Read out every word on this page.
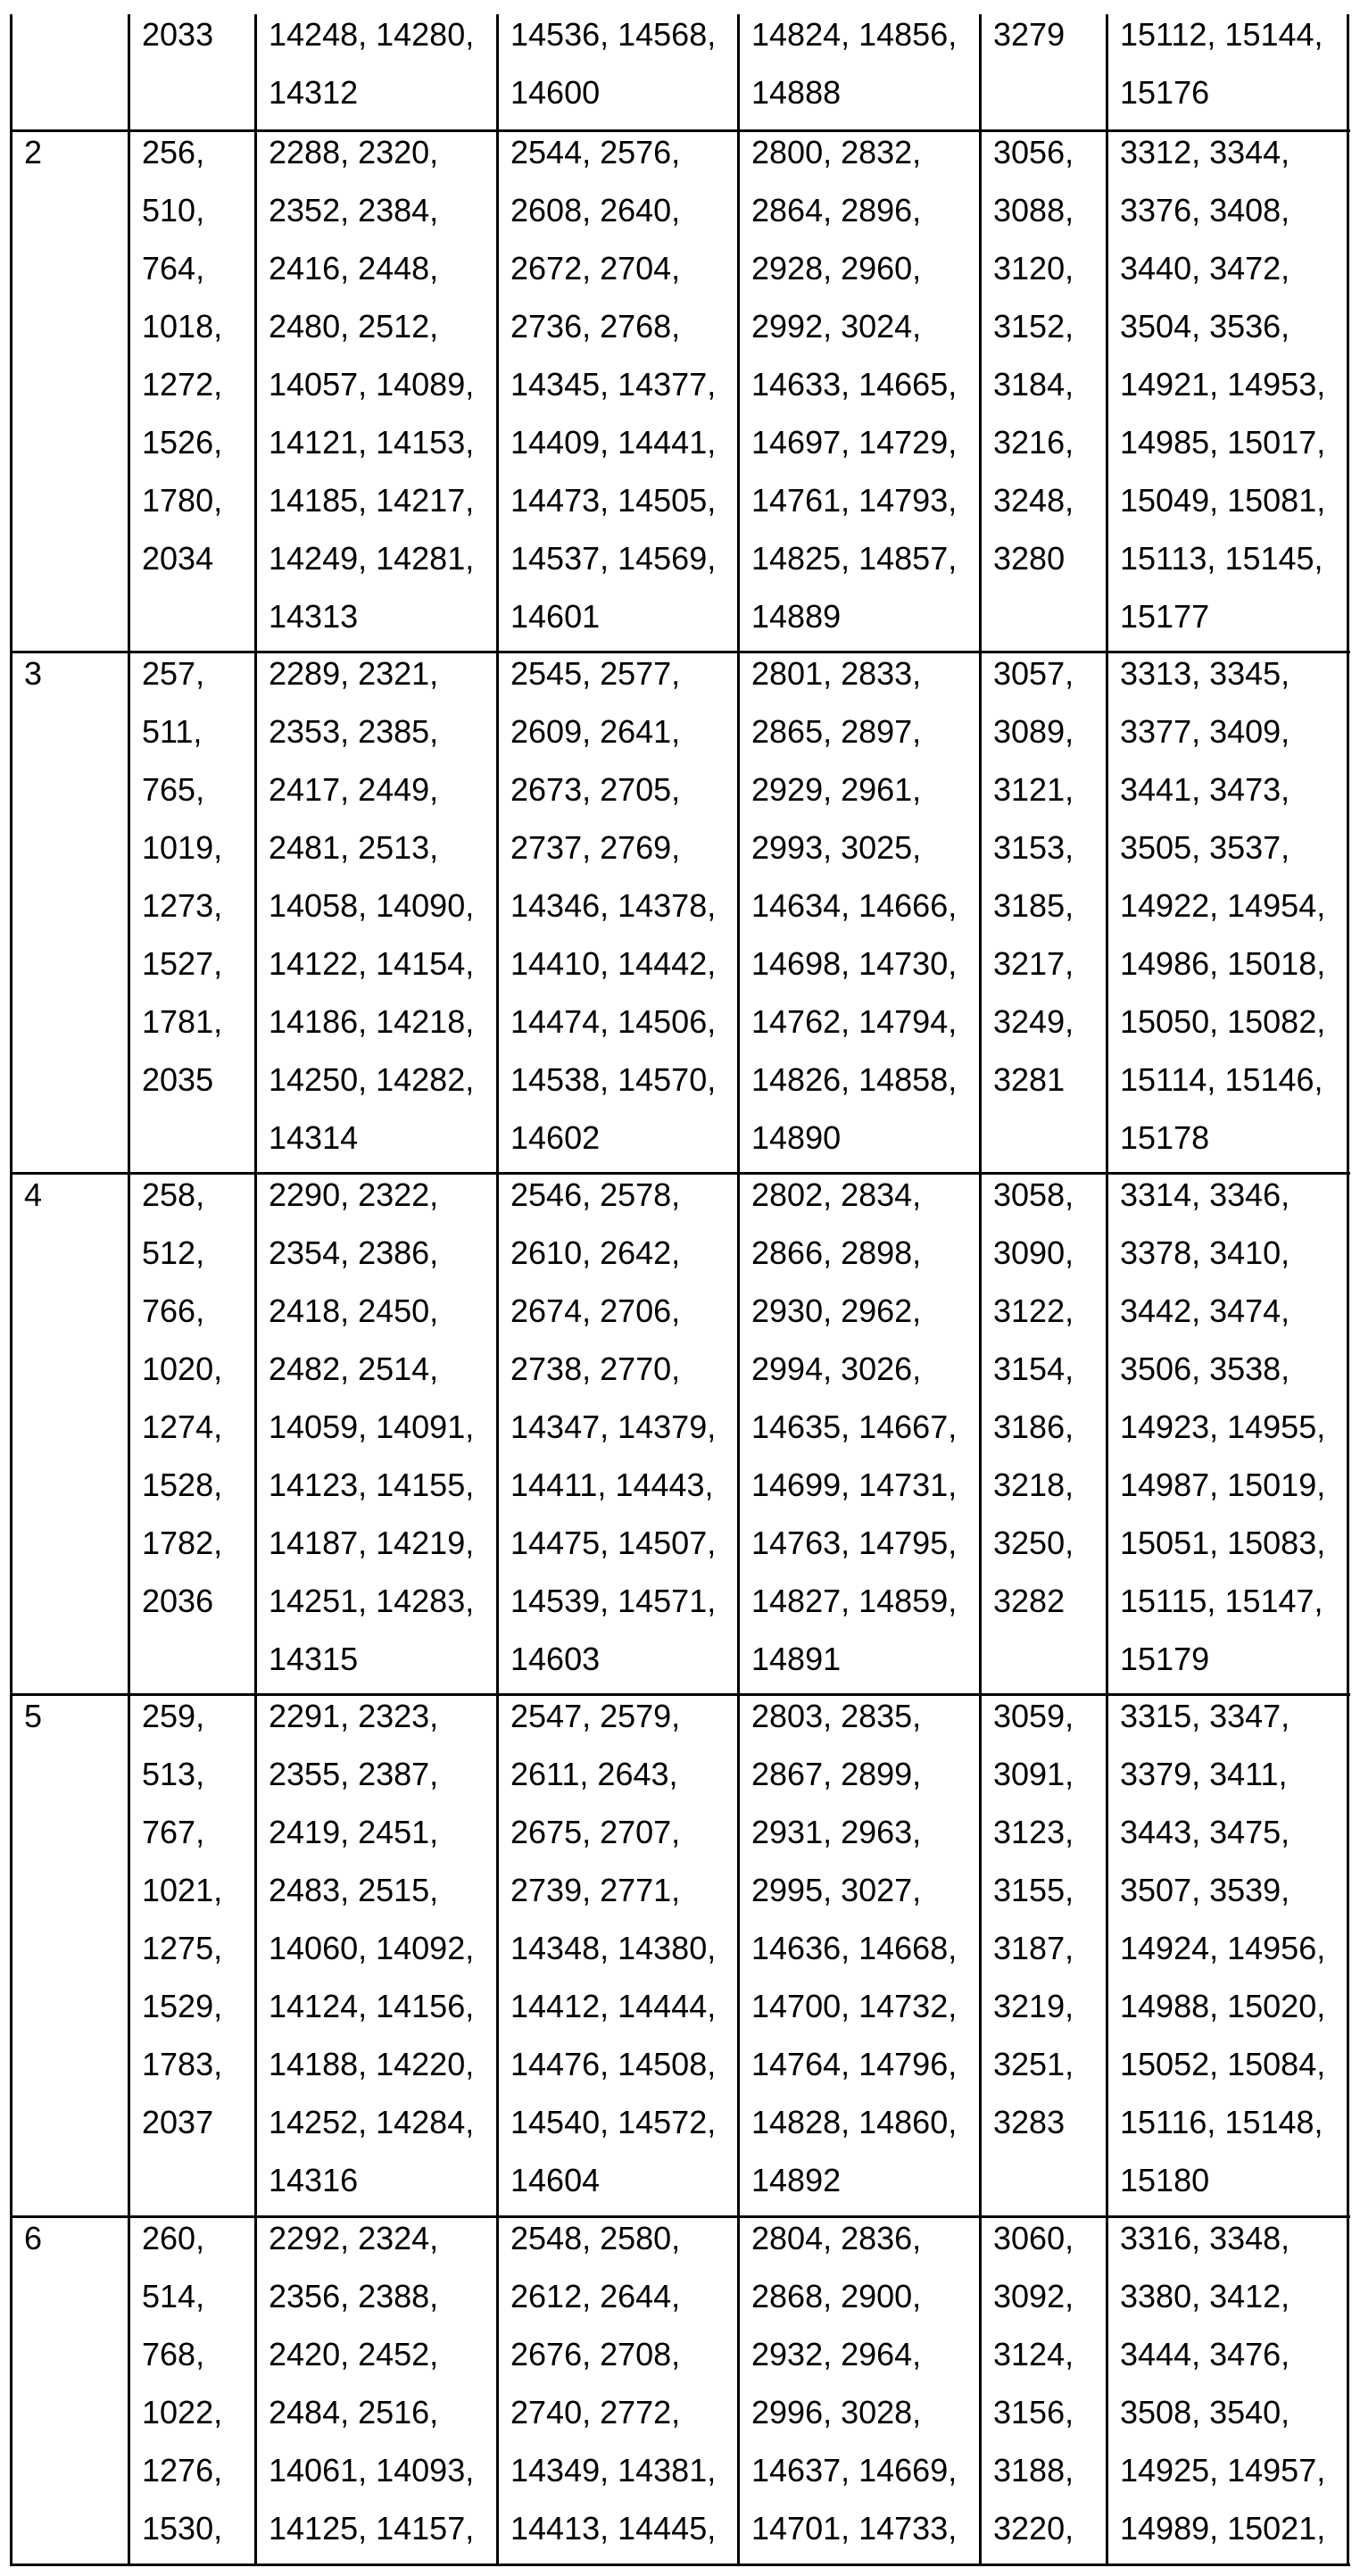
2033 14248, 14280,
14312
14536, 14568,
14600
14824, 14856,
14888
3279 15112, 15144,
15176
2	256,
510,
764,
1018,
1272,
1526,
1780,
2034
2288, 2320,
2352, 2384,
2416, 2448,
2480, 2512,
14057, 14089,
14121, 14153,
14185, 14217,
14249, 14281,
14313
2544, 2576,
2608, 2640,
2672, 2704,
2736, 2768,
14345, 14377,
14409, 14441,
14473, 14505,
14537, 14569,
14601
2800, 2832,
2864, 2896,
2928, 2960,
2992, 3024,
14633, 14665,
14697, 14729,
14761, 14793,
14825, 14857,
14889
3056,
3088,
3120,
3152,
3184,
3216,
3248,
3280
3312, 3344,
3376, 3408,
3440, 3472,
3504, 3536,
14921, 14953,
14985, 15017,
15049, 15081,
15113, 15145,
15177
3	257,
511,
765,
1019,
1273,
1527,
1781,
2035
2289, 2321,
2353, 2385,
2417, 2449,
2481, 2513,
14058, 14090,
14122, 14154,
14186, 14218,
14250, 14282,
14314
2545, 2577,
2609, 2641,
2673, 2705,
2737, 2769,
14346, 14378,
14410, 14442,
14474, 14506,
14538, 14570,
14602
2801, 2833,
2865, 2897,
2929, 2961,
2993, 3025,
14634, 14666,
14698, 14730,
14762, 14794,
14826, 14858,
14890
3057,
3089,
3121,
3153,
3185,
3217,
3249,
3281
3313, 3345,
3377, 3409,
3441, 3473,
3505, 3537,
14922, 14954,
14986, 15018,
15050, 15082,
15114, 15146,
15178
4	258,
512,
766,
1020,
1274,
1528,
1782,
2036
2290, 2322,
2354, 2386,
2418, 2450,
2482, 2514,
14059, 14091,
14123, 14155,
14187, 14219,
14251, 14283,
14315
2546, 2578,
2610, 2642,
2674, 2706,
2738, 2770,
14347, 14379,
14411, 14443,
14475, 14507,
14539, 14571,
14603
2802, 2834,
2866, 2898,
2930, 2962,
2994, 3026,
14635, 14667,
14699, 14731,
14763, 14795,
14827, 14859,
14891
3058,
3090,
3122,
3154,
3186,
3218,
3250,
3282
3314, 3346,
3378, 3410,
3442, 3474,
3506, 3538,
14923, 14955,
14987, 15019,
15051, 15083,
15115, 15147,
15179
5	259,
513,
767,
1021,
1275,
1529,
1783,
2037
2291, 2323,
2355, 2387,
2419, 2451,
2483, 2515,
14060, 14092,
14124, 14156,
14188, 14220,
14252, 14284,
14316
2547, 2579,
2611, 2643,
2675, 2707,
2739, 2771,
14348, 14380,
14412, 14444,
14476, 14508,
14540, 14572,
14604
2803, 2835,
2867, 2899,
2931, 2963,
2995, 3027,
14636, 14668,
14700, 14732,
14764, 14796,
14828, 14860,
14892
3059,
3091,
3123,
3155,
3187,
3219,
3251,
3283
3315, 3347,
3379, 3411,
3443, 3475,
3507, 3539,
14924, 14956,
14988, 15020,
15052, 15084,
15116, 15148,
15180
6	260,
514,
768,
1022,
1276,
1530,
2292, 2324,
2356, 2388,
2420, 2452,
2484, 2516,
14061, 14093,
14125, 14157,
2548, 2580,
2612, 2644,
2676, 2708,
2740, 2772,
14349, 14381,
14413, 14445,
2804, 2836,
2868, 2900,
2932, 2964,
2996, 3028,
14637, 14669,
14701, 14733,
3060,
3092,
3124,
3156,
3188,
3220,
3316, 3348,
3380, 3412,
3444, 3476,
3508, 3540,
14925, 14957,
14989, 15021,
